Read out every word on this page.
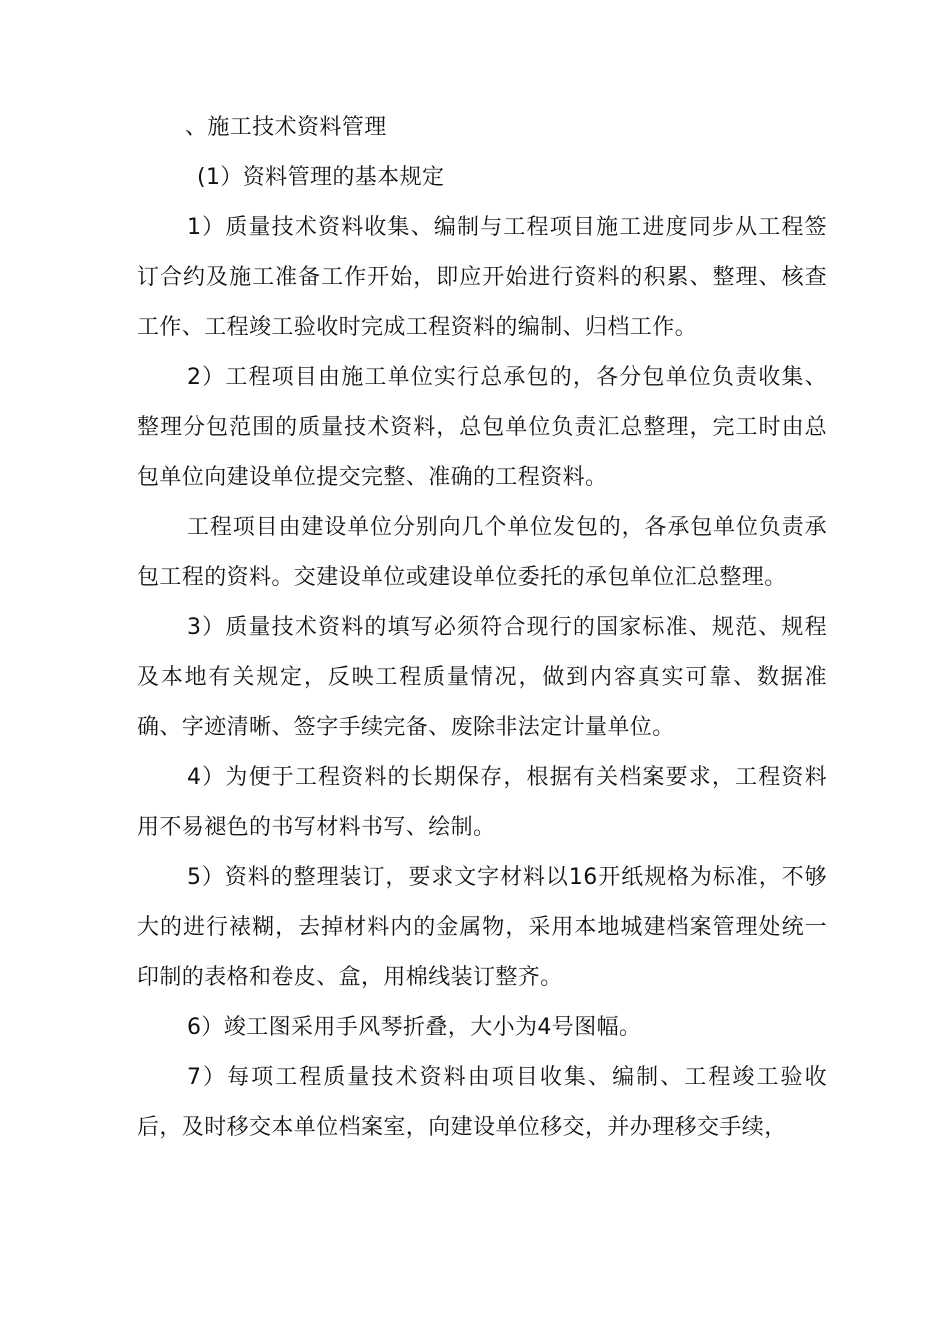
、施工技术资料管理

(1）资料管理的基本规定

1）质量技术资料收集、编制与工程项目施工进度同步从工程签订合约及施工准备工作开始，即应开始进行资料的积累、整理、核查工作、工程竣工验收时完成工程资料的编制、归档工作。

2）工程项目由施工单位实行总承包的，各分包单位负责收集、整理分包范围的质量技术资料，总包单位负责汇总整理，完工时由总包单位向建设单位提交完整、准确的工程资料。

工程项目由建设单位分别向几个单位发包的，各承包单位负责承包工程的资料。交建设单位或建设单位委托的承包单位汇总整理。

3）质量技术资料的填写必须符合现行的国家标准、规范、规程及本地有关规定，反映工程质量情况，做到内容真实可靠、数据准确、字迹清晰、签字手续完备、废除非法定计量单位。

4）为便于工程资料的长期保存，根据有关档案要求，工程资料用不易褪色的书写材料书写、绘制。

5）资料的整理装订，要求文字材料以16开纸规格为标准，不够大的进行裱糊，去掉材料内的金属物，采用本地城建档案管理处统一印制的表格和卷皮、盒，用棉线装订整齐。

6）竣工图采用手风琴折叠，大小为4号图幅。

7）每项工程质量技术资料由项目收集、编制、工程竣工验收后，及时移交本单位档案室，向建设单位移交，并办理移交手续，
